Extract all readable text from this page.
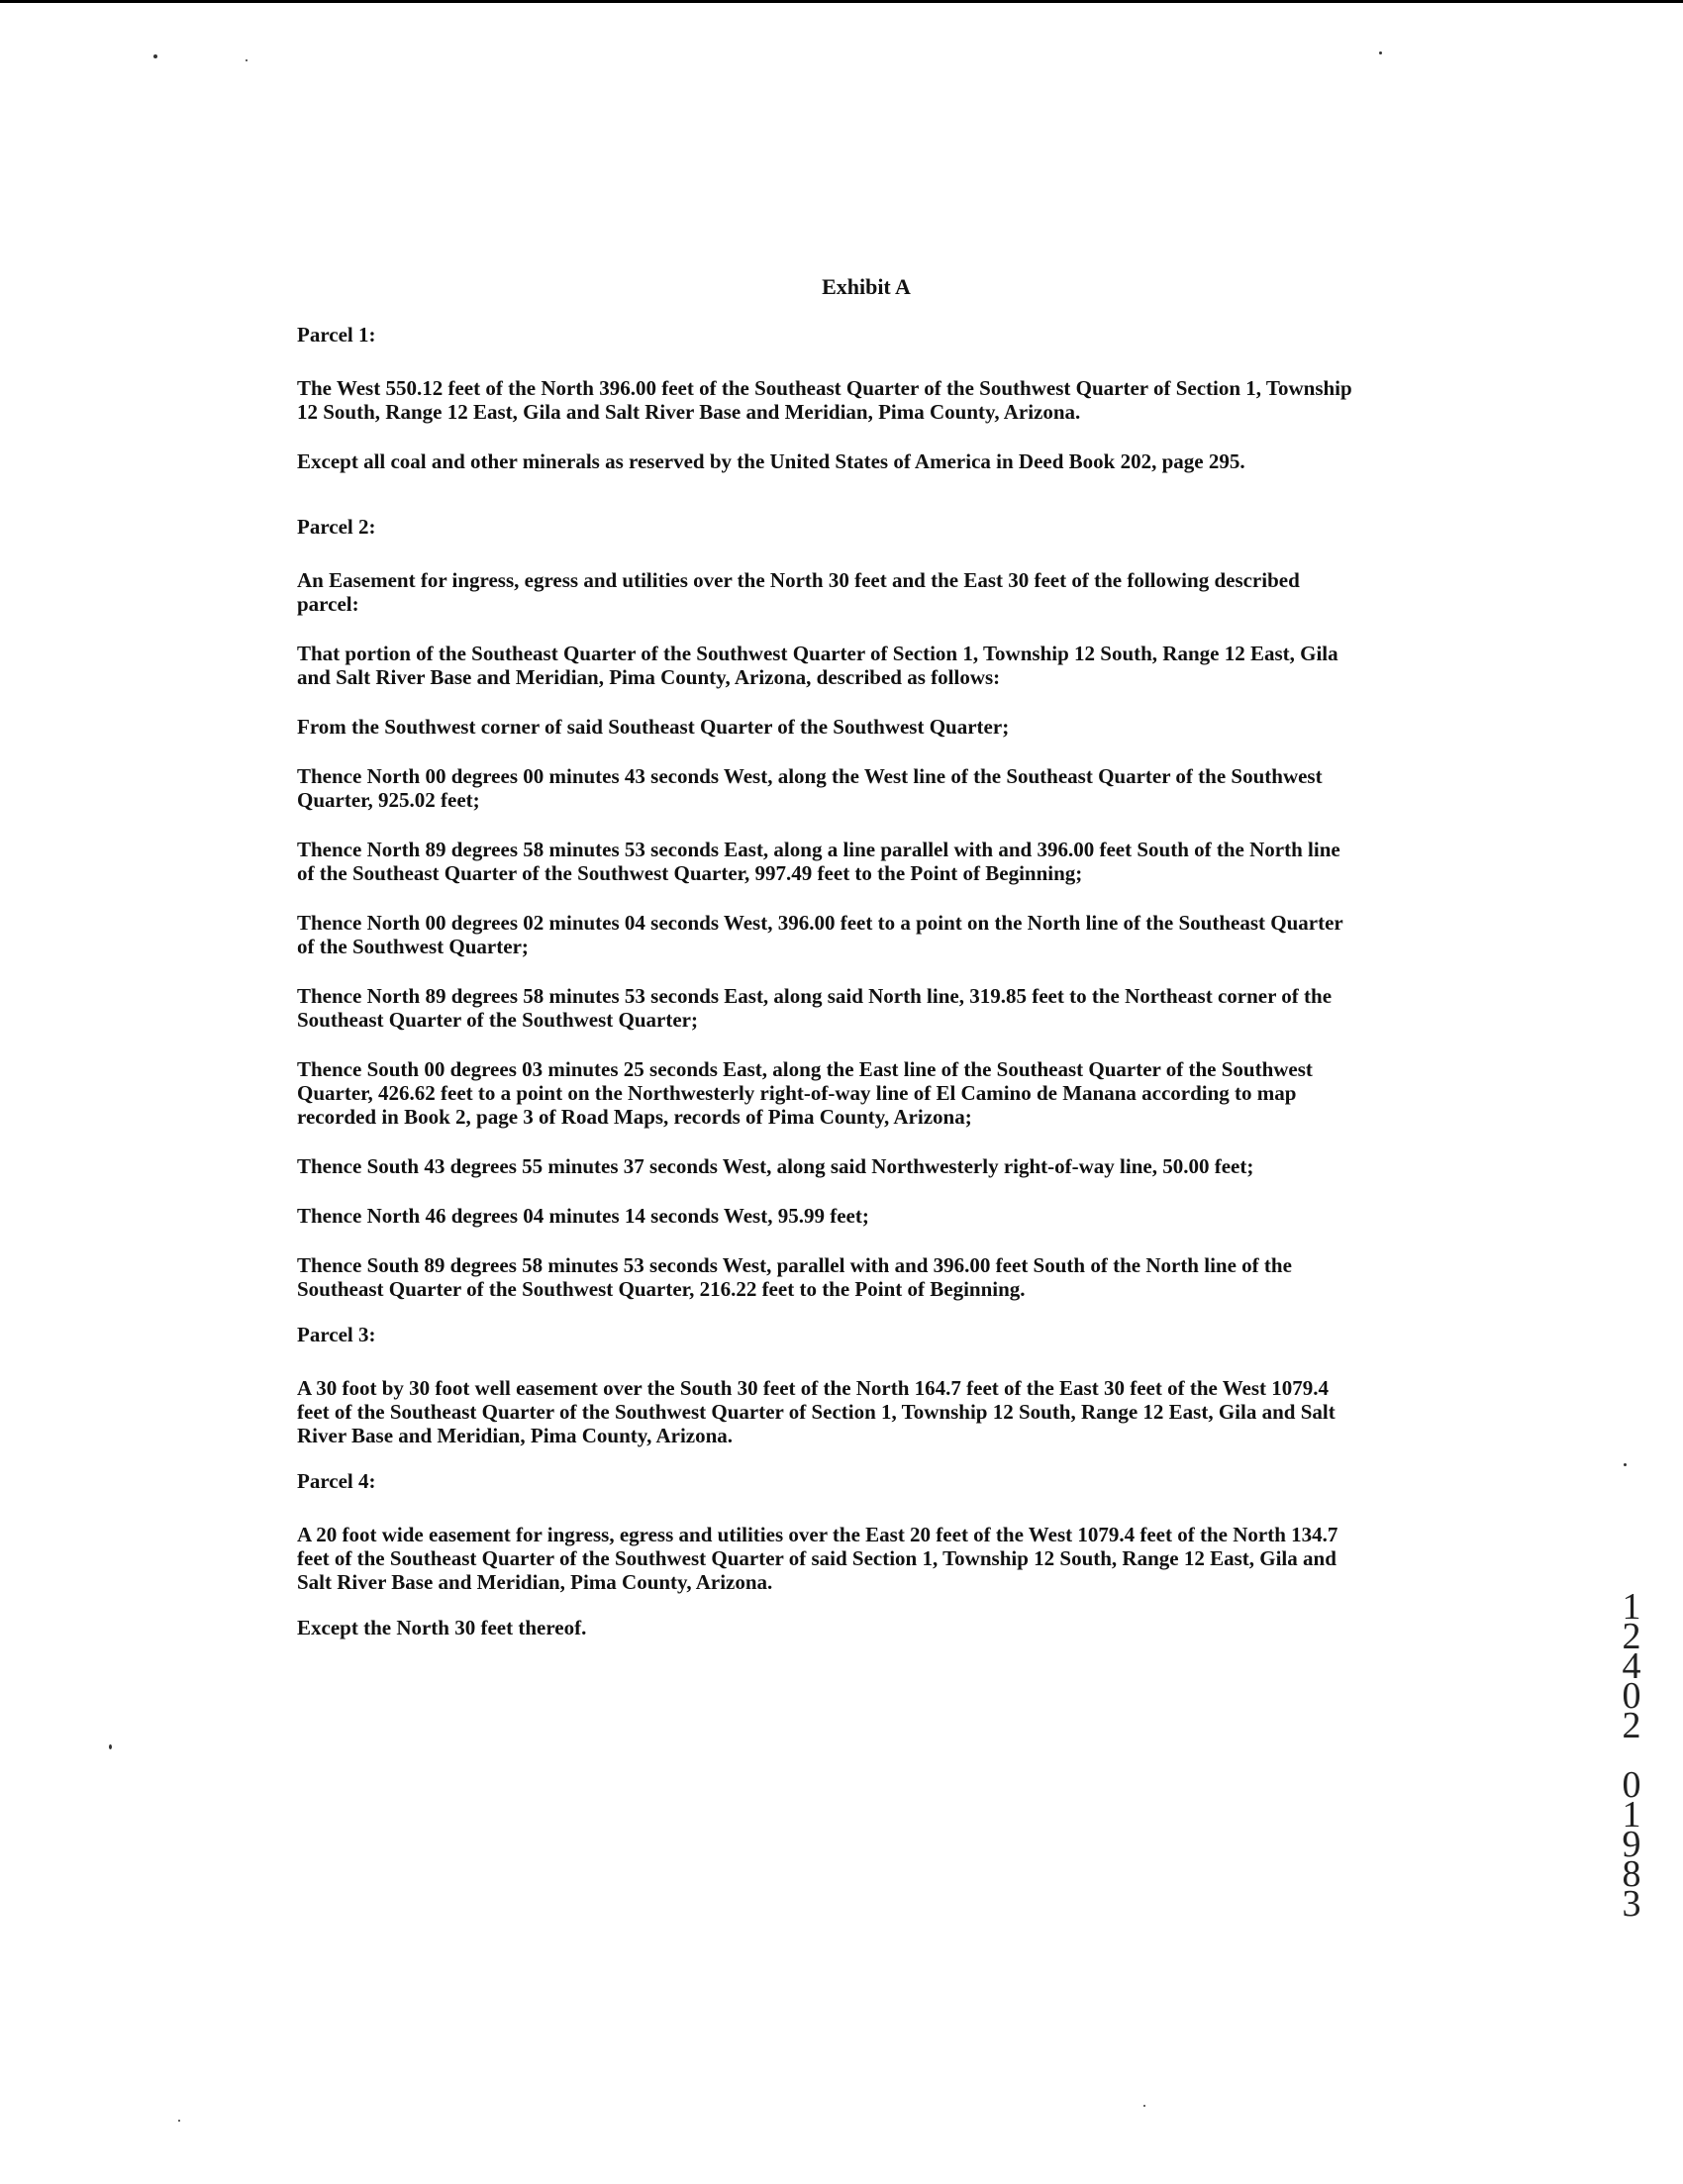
Exhibit A
Parcel 1:
The West 550.12 feet of the North 396.00 feet of the Southeast Quarter of the Southwest Quarter of Section 1, Township 12 South, Range 12 East, Gila and Salt River Base and Meridian, Pima County, Arizona.
Except all coal and other minerals as reserved by the United States of America in Deed Book 202, page 295.
Parcel 2:
An Easement for ingress, egress and utilities over the North 30 feet and the East 30 feet of the following described parcel:
That portion of the Southeast Quarter of the Southwest Quarter of Section 1, Township 12 South, Range 12 East, Gila and Salt River Base and Meridian, Pima County, Arizona, described as follows:
From the Southwest corner of said Southeast Quarter of the Southwest Quarter;
Thence North 00 degrees 00 minutes 43 seconds West, along the West line of the Southeast Quarter of the Southwest Quarter, 925.02 feet;
Thence North 89 degrees 58 minutes 53 seconds East, along a line parallel with and 396.00 feet South of the North line of the Southeast Quarter of the Southwest Quarter, 997.49 feet to the Point of Beginning;
Thence North 00 degrees 02 minutes 04 seconds West, 396.00 feet to a point on the North line of the Southeast Quarter of the Southwest Quarter;
Thence North 89 degrees 58 minutes 53 seconds East, along said North line, 319.85 feet to the Northeast corner of the Southeast Quarter of the Southwest Quarter;
Thence South 00 degrees 03 minutes 25 seconds East, along the East line of the Southeast Quarter of the Southwest Quarter, 426.62 feet to a point on the Northwesterly right-of-way line of El Camino de Manana according to map recorded in Book 2, page 3 of Road Maps, records of Pima County, Arizona;
Thence South 43 degrees 55 minutes 37 seconds West, along said Northwesterly right-of-way line, 50.00 feet;
Thence North 46 degrees 04 minutes 14 seconds West, 95.99 feet;
Thence South 89 degrees 58 minutes 53 seconds West, parallel with and 396.00 feet South of the North line of the Southeast Quarter of the Southwest Quarter, 216.22 feet to the Point of Beginning.
Parcel 3:
A 30 foot by 30 foot well easement over the South 30 feet of the North 164.7 feet of the East 30 feet of the West 1079.4 feet of the Southeast Quarter of the Southwest Quarter of Section 1, Township 12 South, Range 12 East, Gila and Salt River Base and Meridian, Pima County, Arizona.
Parcel 4:
A 20 foot wide easement for ingress, egress and utilities over the East 20 feet of the West 1079.4 feet of the North 134.7 feet of the Southeast Quarter of the Southwest Quarter of said Section 1, Township 12 South, Range 12 East, Gila and Salt River Base and Meridian, Pima County, Arizona.
Except the North 30 feet thereof.	1
2
4
0
2

0
1
9
8
3
